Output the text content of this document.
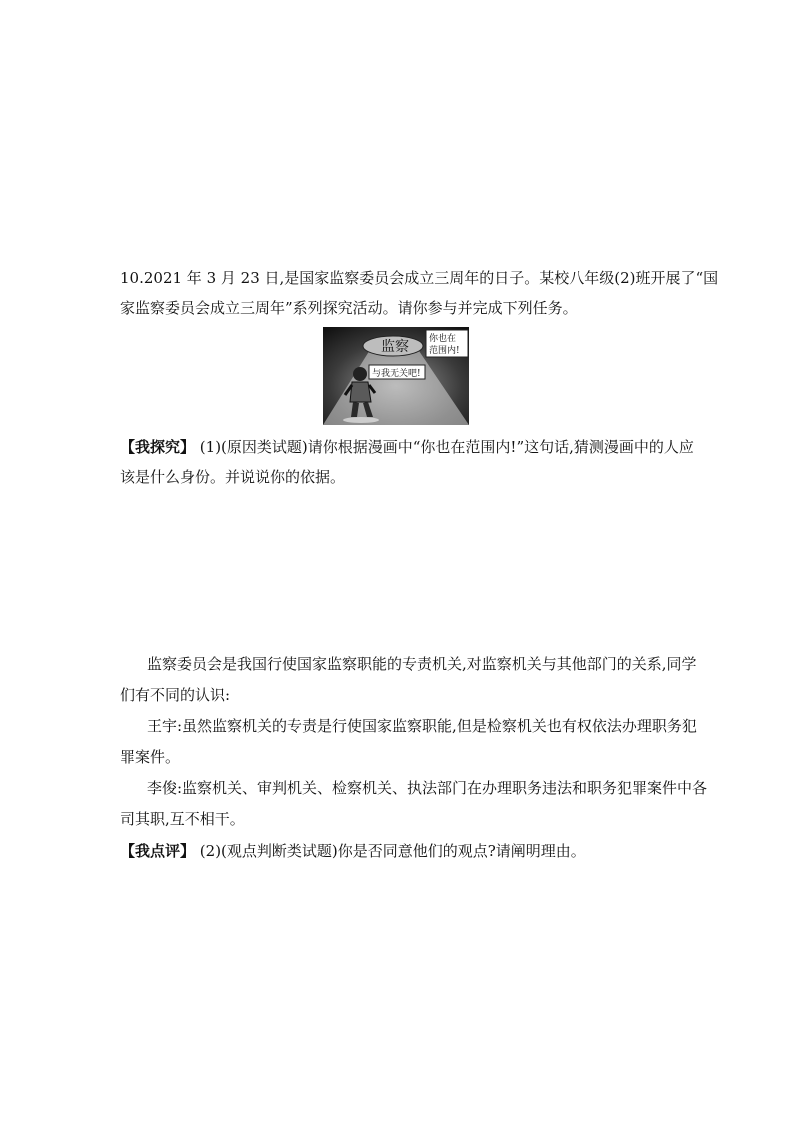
10.2021 年 3 月 23 日,是国家监察委员会成立三周年的日子。某校八年级(2)班开展了“国
家监察委员会成立三周年”系列探究活动。请你参与并完成下列任务。
监察 你也在
范围内!
与我无关吧!
【我探究】 (1)(原因类试题)请你根据漫画中“你也在范围内!”这句话,猜测漫画中的人应
该是什么身份。并说说你的依据。
监察委员会是我国行使国家监察职能的专责机关,对监察机关与其他部门的关系,同学
们有不同的认识:
王宇:虽然监察机关的专责是行使国家监察职能,但是检察机关也有权依法办理职务犯
罪案件。
李俊:监察机关、审判机关、检察机关、执法部门在办理职务违法和职务犯罪案件中各
司其职,互不相干。
【我点评】 (2)(观点判断类试题)你是否同意他们的观点?请阐明理由。
